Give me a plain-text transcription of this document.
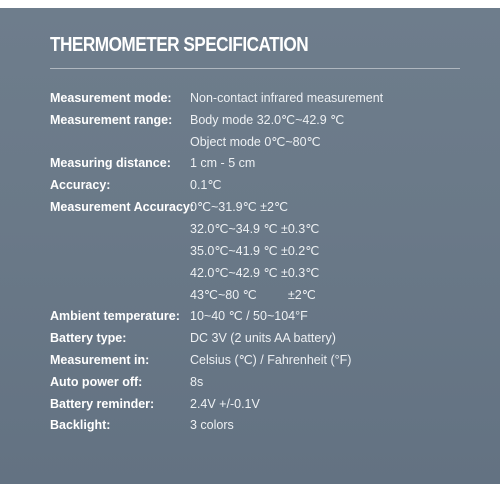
THERMOMETER SPECIFICATION
Measurement mode: Non-contact infrared measurement
Measurement range: Body mode 32.0℃~42.9 ℃
Object mode 0℃~80℃
Measuring distance: 1 cm - 5 cm
Accuracy:	0.1℃
Measurement Accuracy:
0℃~31.9℃ ±2℃
32.0℃~34.9 ℃ ±0.3℃
35.0℃~41.9 ℃ ±0.2℃
42.0℃~42.9 ℃ ±0.3℃
43℃~80 ℃         ±2℃
Ambient temperature: 10~40 ℃ / 50~104°F
Battery type:	DC 3V (2 units AA battery)
Measurement in:	Celsius (℃) / Fahrenheit (°F)
Auto power off:	8s
Battery reminder:	2.4V +/-0.1V
Backlight:	3 colors
